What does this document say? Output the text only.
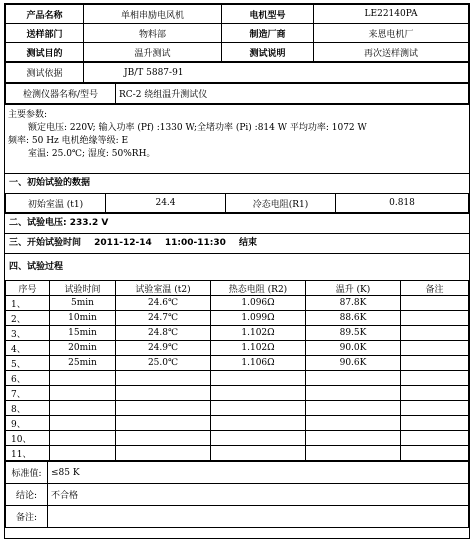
产品名称	单相串励电风机	电机型号	LE22140PA
送样部门	物料部	制造厂商	来恩电机厂
测试目的	温升测试	测试说明	再次送样测试
测试依据	JB/T 5887-91
检测仪器名称/型号	RC-2 绕组温升测试仪
主要参数:
额定电压: 220V; 输入功率 (Pf) :1330 W;全堵功率 (Pi) :814 W 平均功率: 1072 W
频率: 50 Hz 电机绝缘等级: E
室温: 25.0℃; 湿度: 50%RH。
一、初始试验的数据
初始室温 (t1)	24.4	冷态电阻(R1)	0.818
二、试验电压: 233.2 V
三、开始试验时间 2011-12-14 11:00-11:30 结束
四、试验过程
序号	试验时间	试验室温 (t2)	热态电阻 (R2)	温升 (K)	备注
1、	5min	24.6℃	1.096Ω	87.8K	
2、	10min	24.7℃	1.099Ω	88.6K	
3、	15min	24.8℃	1.102Ω	89.5K	
4、	20min	24.9℃	1.102Ω	90.0K	
5、	25min	25.0℃	1.106Ω	90.6K	
6、					
7、					
8、					
9、					
10、					
11、					
标准值:	≤85 K
结论:	不合格
备注:	
